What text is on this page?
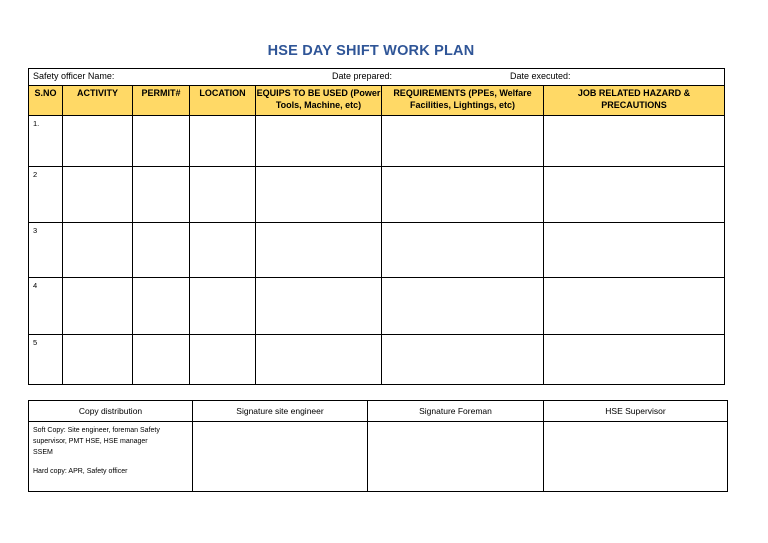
HSE DAY SHIFT WORK PLAN
Safety officer Name: Date prepared: Date executed:						

S.NO	ACTIVITY	PERMIT#	LOCATION	EQUIPS TO BE USED (Power Tools, Machine, etc)	REQUIREMENTS (PPEs, Welfare Facilities, Lightings, etc)	JOB RELATED HAZARD & PRECAUTIONS
1.						
2						
3						
4						
5						
Copy distribution	Signature site engineer	Signature Foreman	HSE Supervisor

Soft Copy: Site engineer, foreman Safety

supervisor, PMT HSE, HSE manager

SSEM

Hard copy: APR, Safety officer			
